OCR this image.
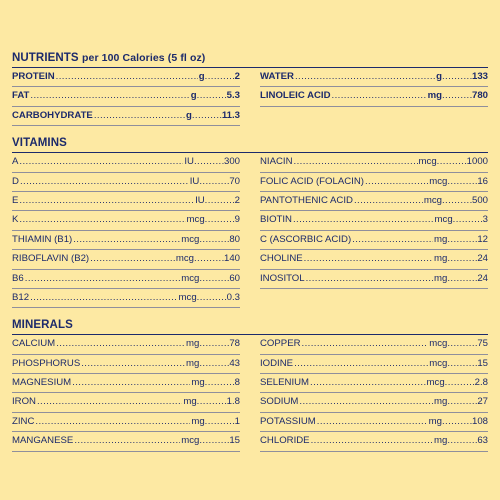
NUTRIENTS per 100 Calories (5 fl oz)
PROTEIN .....	g .....	2
FAT .....	g .....	5.3
CARBOHYDRATE .....	g .....	11.3
WATER .....	g .....	133
LINOLEIC ACID .....	mg .....	780
VITAMINS
A .....	IU .....	300
D .....	IU .....	70
E .....	IU .....	2
K .....	mcg .....	9
THIAMIN (B1) .....	mcg .....	80
RIBOFLAVIN (B2) .....	mcg .....	140
B6 .....	mcg .....	60
B12 .....	mcg .....	0.3
NIACIN .....	mcg .....	1000
FOLIC ACID (FOLACIN) .....	mcg .....	16
PANTOTHENIC ACID .....	mcg .....	500
BIOTIN .....	mcg .....	3
C (ASCORBIC ACID) .....	mg .....	12
CHOLINE .....	mg .....	24
INOSITOL .....	mg .....	24
MINERALS
CALCIUM .....	mg .....	78
PHOSPHORUS .....	mg .....	43
MAGNESIUM .....	mg .....	8
IRON .....	mg .....	1.8
ZINC .....	mg .....	1
MANGANESE .....	mcg .....	15
COPPER .....	mcg .....	75
IODINE .....	mcg .....	15
SELENIUM .....	mcg .....	2.8
SODIUM .....	mg .....	27
POTASSIUM .....	mg .....	108
CHLORIDE .....	mg .....	63
